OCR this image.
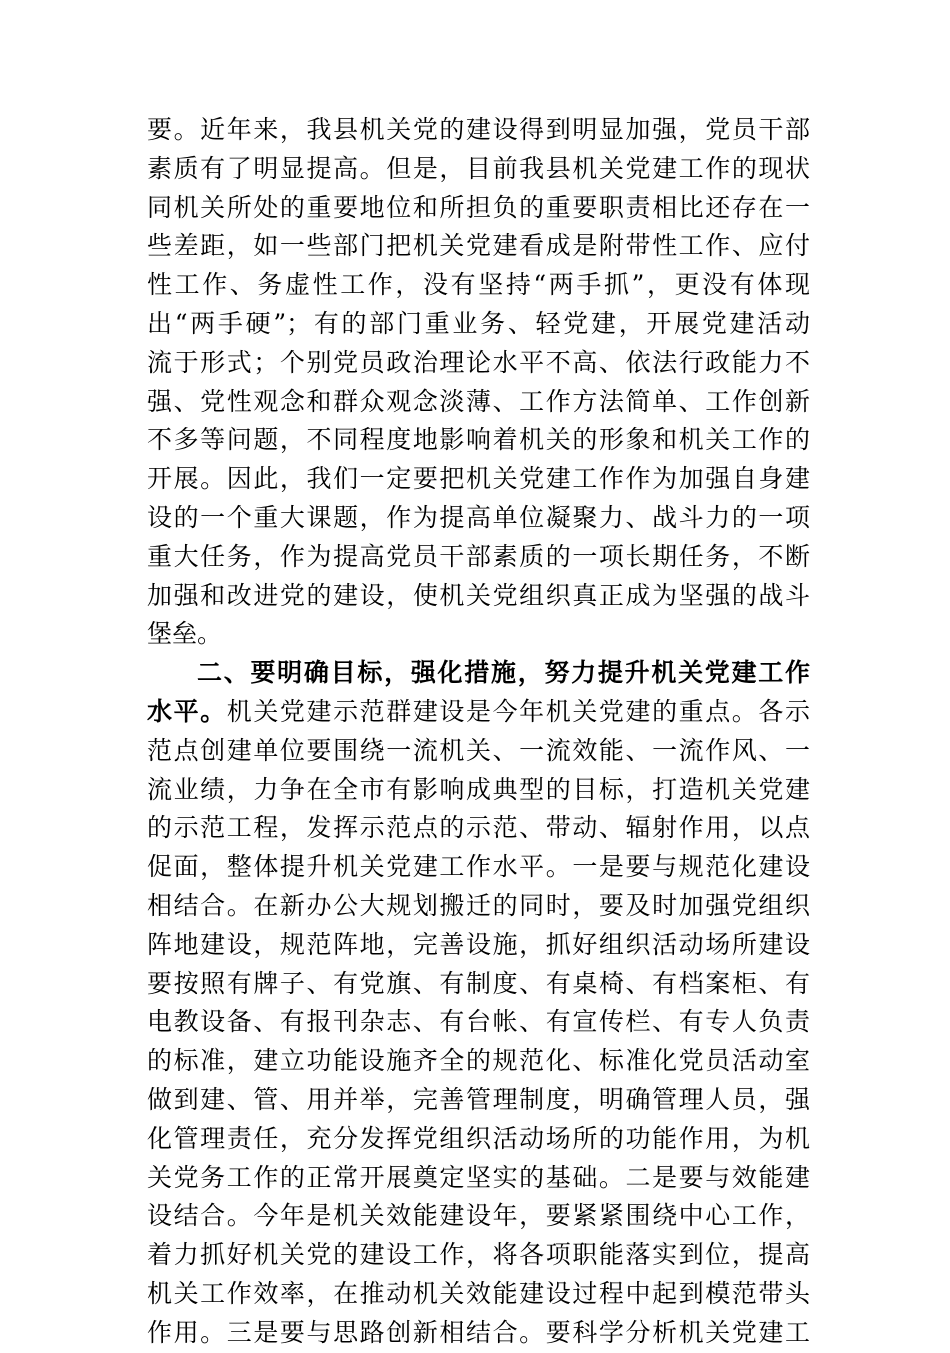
要。近年来，我县机关党的建设得到明显加强，党员干部
素质有了明显提高。但是，目前我县机关党建工作的现状
同机关所处的重要地位和所担负的重要职责相比还存在一
些差距，如一些部门把机关党建看成是附带性工作、应付
性工作、务虚性工作，没有坚持“两手抓”，更没有体现
出“两手硬”；有的部门重业务、轻党建，开展党建活动
流于形式；个别党员政治理论水平不高、依法行政能力不
强、党性观念和群众观念淡薄、工作方法简单、工作创新
不多等问题，不同程度地影响着机关的形象和机关工作的
开展。因此，我们一定要把机关党建工作作为加强自身建
设的一个重大课题，作为提高单位凝聚力、战斗力的一项
重大任务，作为提高党员干部素质的一项长期任务，不断
加强和改进党的建设，使机关党组织真正成为坚强的战斗
堡垒。
二、要明确目标，强化措施，努力提升机关党建工作
水平。机关党建示范群建设是今年机关党建的重点。各示
范点创建单位要围绕一流机关、一流效能、一流作风、一
流业绩，力争在全市有影响成典型的目标，打造机关党建
的示范工程，发挥示范点的示范、带动、辐射作用，以点
促面，整体提升机关党建工作水平。一是要与规范化建设
相结合。在新办公大规划搬迁的同时，要及时加强党组织
阵地建设，规范阵地，完善设施，抓好组织活动场所建设
要按照有牌子、有党旗、有制度、有桌椅、有档案柜、有
电教设备、有报刊杂志、有台帐、有宣传栏、有专人负责
的标准，建立功能设施齐全的规范化、标准化党员活动室
做到建、管、用并举，完善管理制度，明确管理人员，强
化管理责任，充分发挥党组织活动场所的功能作用，为机
关党务工作的正常开展奠定坚实的基础。二是要与效能建
设结合。今年是机关效能建设年，要紧紧围绕中心工作，
着力抓好机关党的建设工作，将各项职能落实到位，提高
机关工作效率，在推动机关效能建设过程中起到模范带头
作用。三是要与思路创新相结合。要科学分析机关党建工
